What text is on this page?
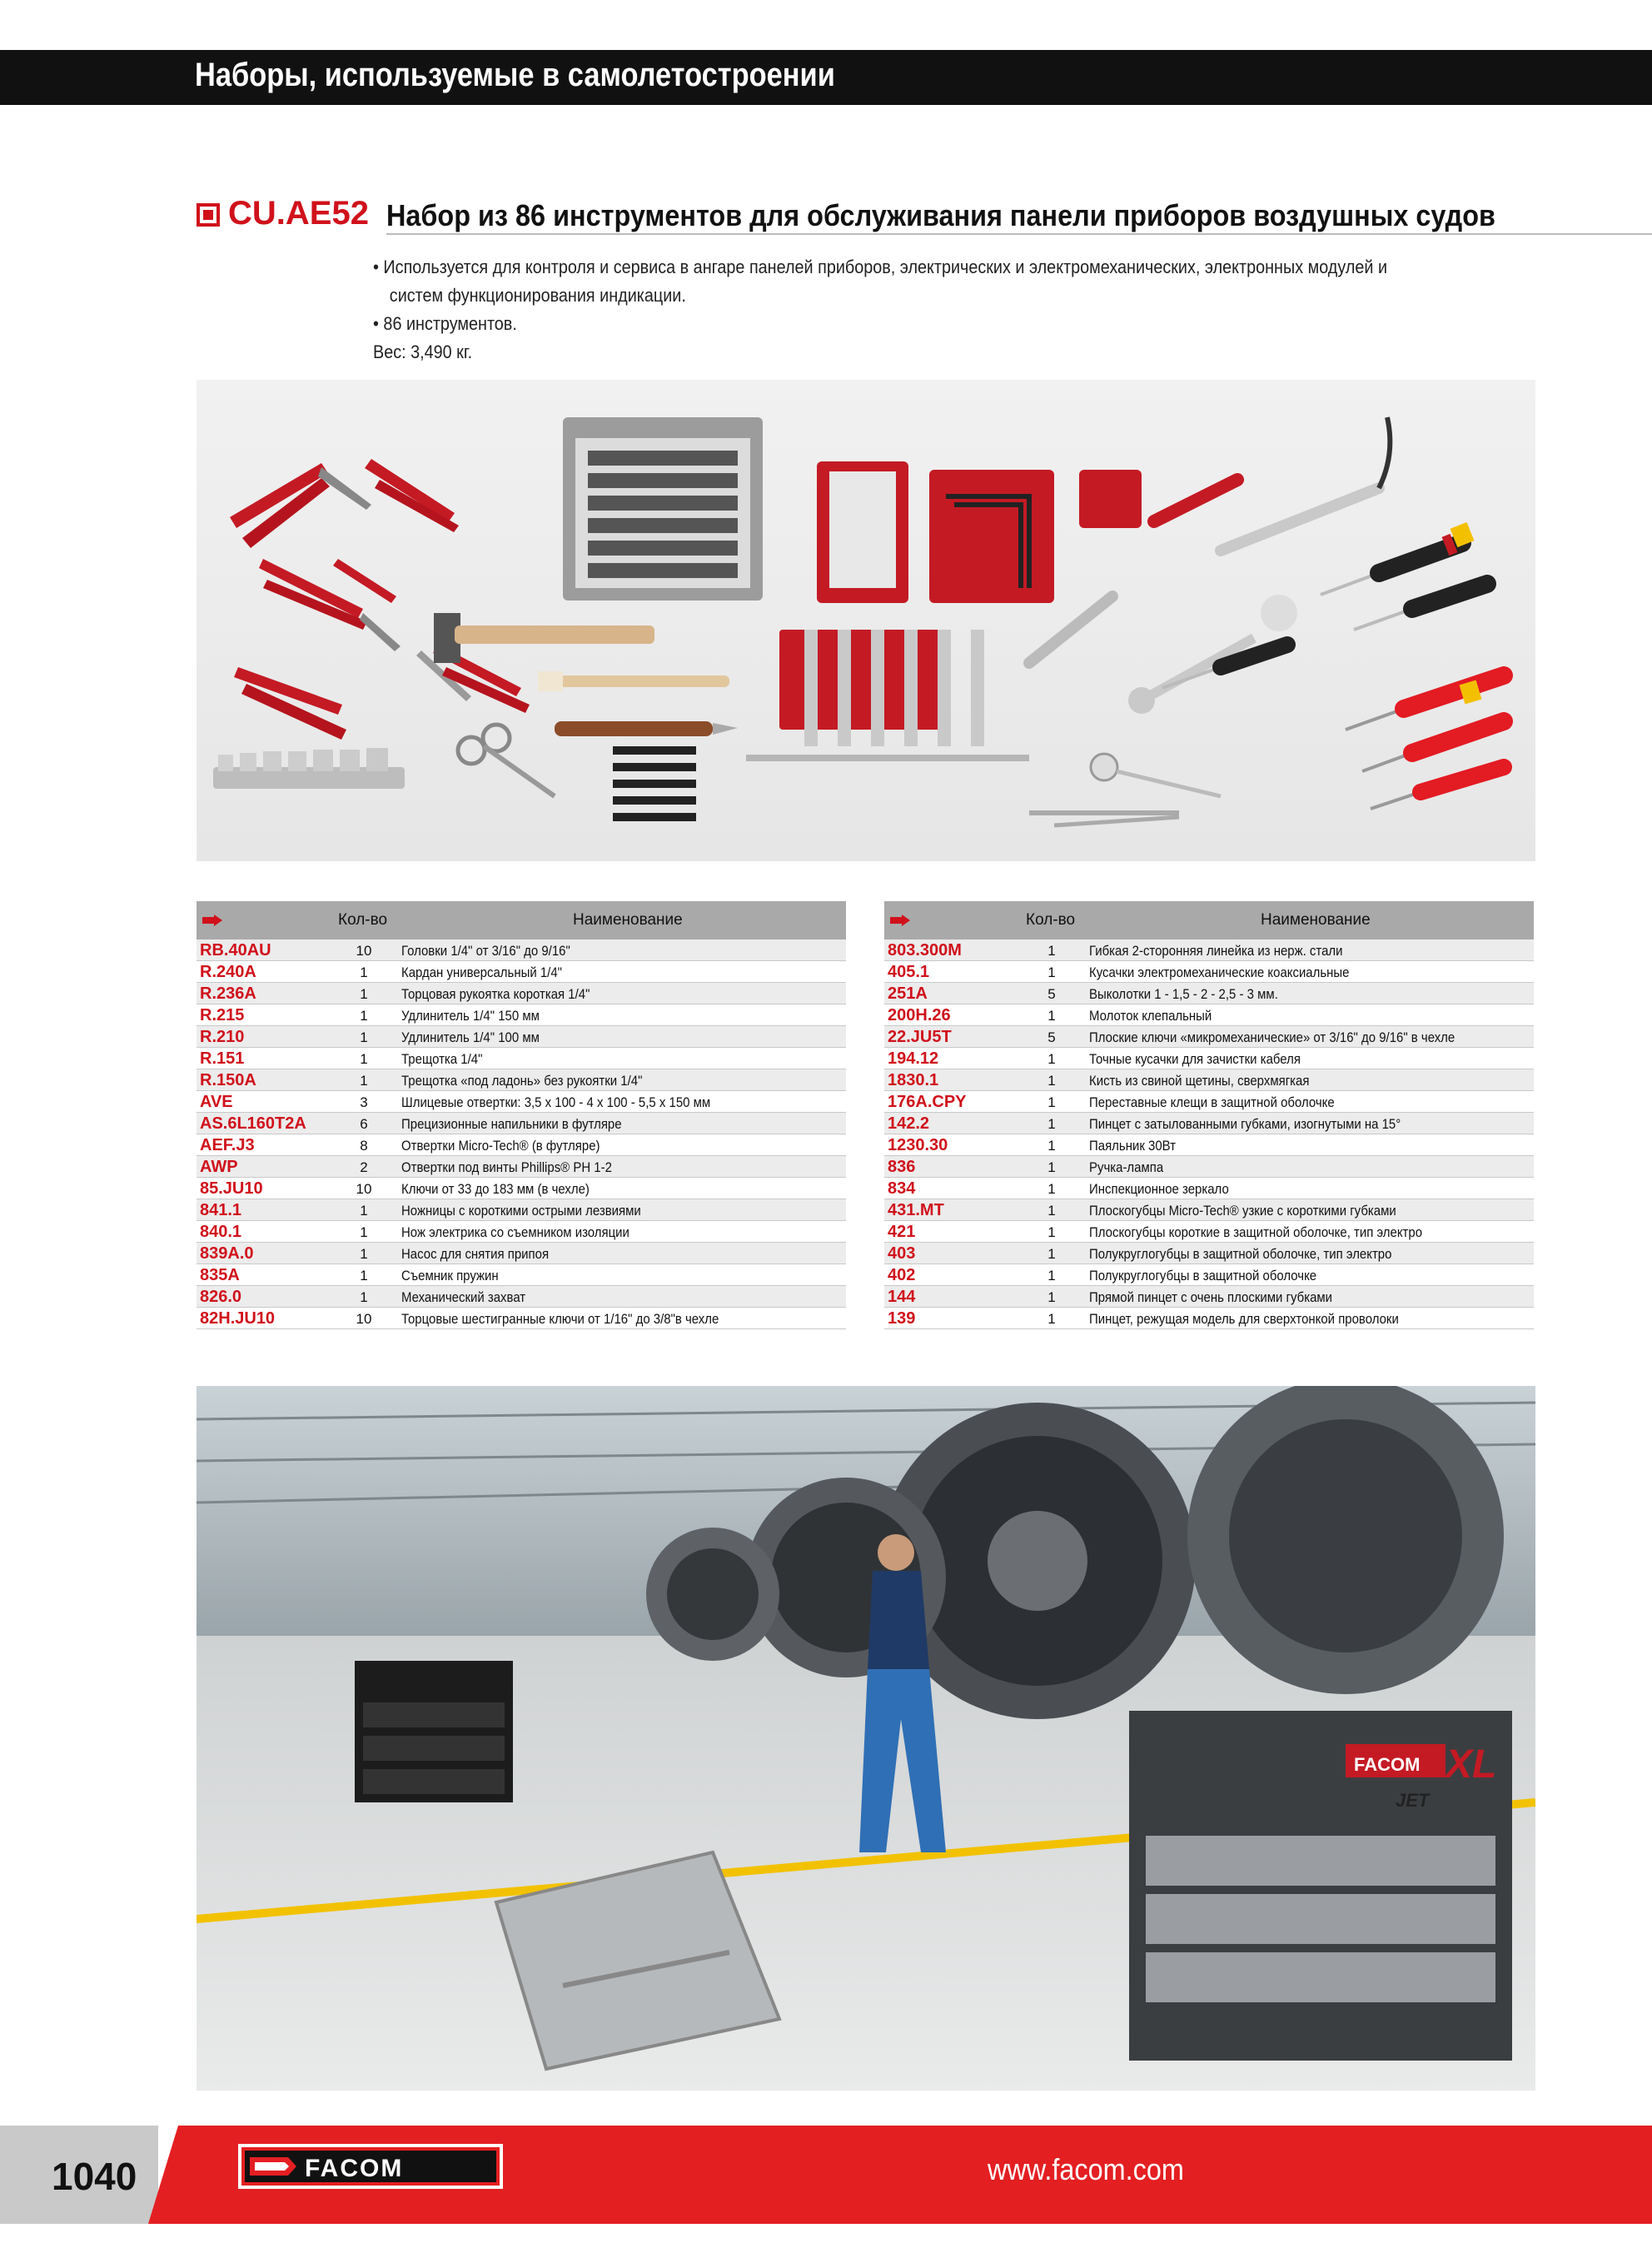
Наборы, используемые в самолетостроении
CU.AE52 Набор из 86 инструментов для обслуживания панели приборов воздушных судов

• Используется для контроля и сервиса в ангаре панелей приборов, электрических и электромеханических, электронных модулей и

систем функционирования индикации.

• 86 инструментов.

Вес: 3,490 кг.

Кол-во	Наименование
RB.40AU	10	Головки 1/4" от 3/16" до 9/16"
R.240A	1	Кардан универсальный 1/4"
R.236A	1	Торцовая рукоятка короткая 1/4"
R.215	1	Удлинитель 1/4" 150 мм
R.210	1	Удлинитель 1/4" 100 мм
R.151	1	Трещотка 1/4"
R.150A	1	Трещотка «под ладонь» без рукоятки 1/4"
AVE	3	Шлицевые отвертки: 3,5 x 100 - 4 x 100 - 5,5 x 150 мм
AS.6L160T2A	6	Прецизионные напильники в футляре
AEF.J3	8	Отвертки Micro-Tech® (в футляре)
AWP	2	Отвертки под винты Phillips® PH 1-2
85.JU10	10	Ключи от 33 до 183 мм (в чехле)
841.1	1	Ножницы с короткими острыми лезвиями
840.1	1	Нож электрика со съемником изоляции
839A.0	1	Насос для снятия припоя
835A	1	Съемник пружин
826.0	1	Механический захват
82H.JU10	10	Торцовые шестигранные ключи от 1/16" до 3/8"в чехле
Кол-во	Наименование
803.300M	1	Гибкая 2-сторонняя линейка из нерж. стали
405.1	1	Кусачки электромеханические коаксиальные
251A	5	Выколотки 1 - 1,5 - 2 - 2,5 - 3 мм.
200H.26	1	Молоток клепальный
22.JU5T	5	Плоские ключи «микромеханические» от 3/16" до 9/16" в чехле
194.12	1	Точные кусачки для зачистки кабеля
1830.1	1	Кисть из свиной щетины, сверхмягкая
176A.CPY	1	Переставные клещи в защитной оболочке
142.2	1	Пинцет с затылованными губками, изогнутыми на 15°
1230.30	1	Паяльник 30Вт
836	1	Ручка-лампа
834	1	Инспекционное зеркало
431.MT	1	Плоскогубцы Micro-Tech® узкие с короткими губками
421	1	Плоскогубцы короткие в защитной оболочке, тип электро
403	1	Полукруглогубцы в защитной оболочке, тип электро
402	1	Полукруглогубцы в защитной оболочке
144	1	Прямой пинцет с очень плоскими губками
139	1	Пинцет, режущая модель для сверхтонкой проволоки
FACOM XL
JET
1040	FACOM	www.facom.com
